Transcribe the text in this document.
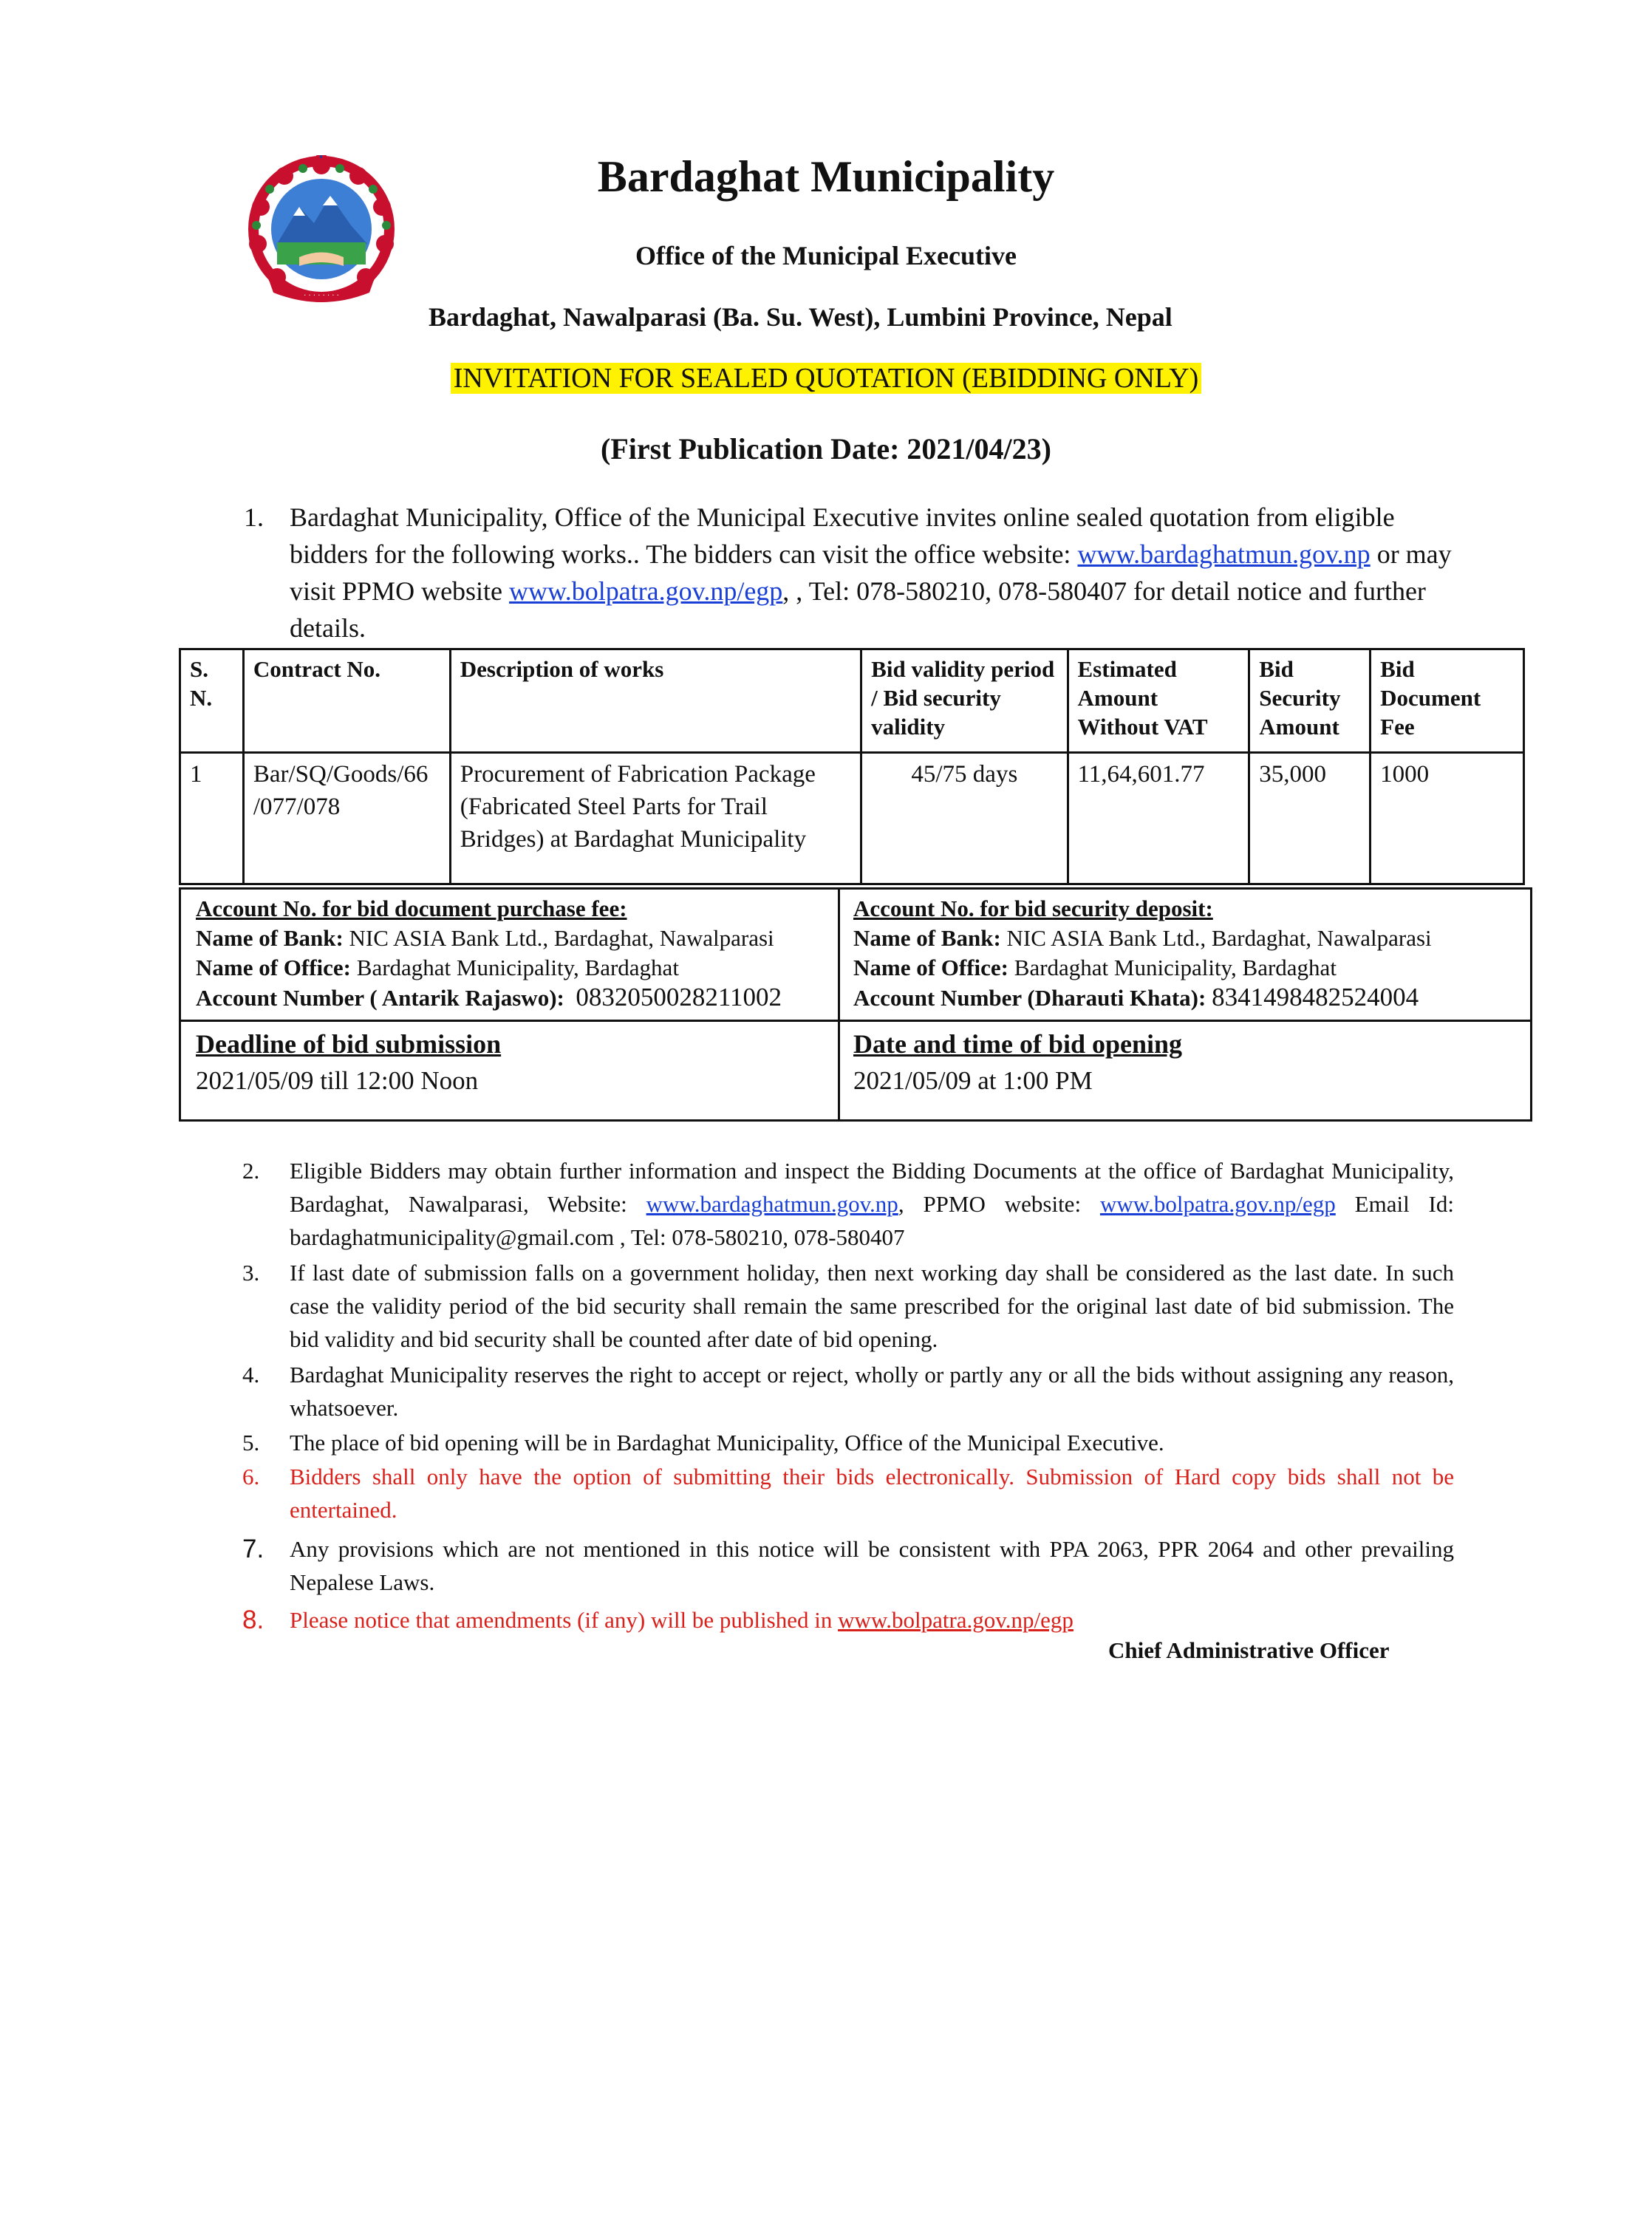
. . . . . . . .
Bardaghat Municipality
Office of the Municipal Executive
Bardaghat, Nawalparasi (Ba. Su. West), Lumbini Province, Nepal
INVITATION FOR SEALED QUOTATION (EBIDDING ONLY)
(First Publication Date: 2021/04/23)
1. Bardaghat Municipality, Office of the Municipal Executive invites online sealed quotation from eligible bidders for the following works.. The bidders can visit the office website: www.bardaghatmun.gov.np or may visit PPMO website www.bolpatra.gov.np/egp, , Tel: 078-580210, 078-580407 for detail notice and further details.
S. N.	Contract No.	Description of works	Bid validity period / Bid security validity	Estimated Amount Without VAT	Bid Security Amount	Bid Document Fee
1	Bar/SQ/Goods/66 /077/078	Procurement of Fabrication Package (Fabricated Steel Parts for Trail Bridges) at Bardaghat Municipality	45/75 days	11,64,601.77	35,000	1000
Account No. for bid document purchase fee:
Name of Bank: NIC ASIA Bank Ltd., Bardaghat, Nawalparasi
Name of Office: Bardaghat Municipality, Bardaghat
Account Number ( Antarik Rajaswo): 0832050028211002
Account No. for bid security deposit:
Name of Bank: NIC ASIA Bank Ltd., Bardaghat, Nawalparasi
Name of Office: Bardaghat Municipality, Bardaghat
Account Number (Dharauti Khata): 8341498482524004
Deadline of bid submission
2021/05/09 till 12:00 Noon
Date and time of bid opening
2021/05/09 at 1:00 PM
2. Eligible Bidders may obtain further information and inspect the Bidding Documents at the office of Bardaghat Municipality, Bardaghat, Nawalparasi, Website: www.bardaghatmun.gov.np, PPMO website: www.bolpatra.gov.np/egp Email Id: bardaghatmunicipality@gmail.com , Tel: 078-580210, 078-580407
3. If last date of submission falls on a government holiday, then next working day shall be considered as the last date. In such case the validity period of the bid security shall remain the same prescribed for the original last date of bid submission. The bid validity and bid security shall be counted after date of bid opening.
4. Bardaghat Municipality reserves the right to accept or reject, wholly or partly any or all the bids without assigning any reason, whatsoever.
5. The place of bid opening will be in Bardaghat Municipality, Office of the Municipal Executive.
6. Bidders shall only have the option of submitting their bids electronically. Submission of Hard copy bids shall not be entertained.
7. Any provisions which are not mentioned in this notice will be consistent with PPA 2063, PPR 2064 and other prevailing Nepalese Laws.
8. Please notice that amendments (if any) will be published in www.bolpatra.gov.np/egp
Chief Administrative Officer
